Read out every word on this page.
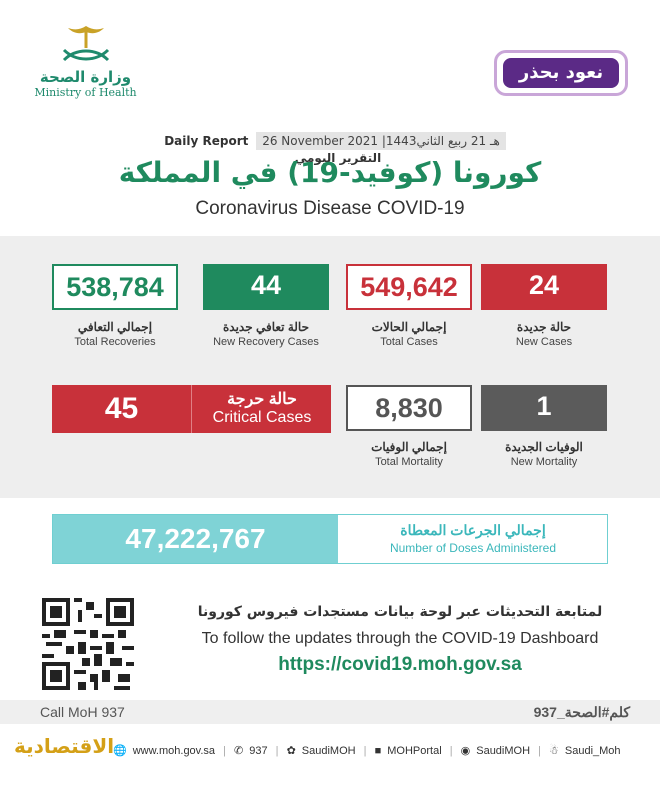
وزارة الصحة
Ministry of Health
نعود بحذر
Daily Report 26 November 2021 |1443هـ 21 ربيع الثاني التقرير اليومي
كورونا (كوفيد-19) في المملكة
Coronavirus Disease COVID-19
538,784
إجمالي التعافي
Total Recoveries
44
حالة تعافي جديدة
New Recovery Cases
549,642
إجمالي الحالات
Total Cases
24
حالة جديدة
New Cases
45	حالة حرجة
Critical Cases	8,830
إجمالي الوفيات
Total Mortality
1
الوفيات الجديدة
New Mortality
47,222,767	إجمالي الجرعات المعطاة
Number of Doses Administered
لمتابعة التحديثات عبر لوحة بيانات مستجدات فيروس كورونا
To follow the updates through the COVID-19 Dashboard
https://covid19.moh.gov.sa
Call MoH 937	كلم#الصحة_937
الاقتصادية
🌐 www.moh.gov.sa | ✆ 937 | ✿ SaudiMOH | ■ MOHPortal | ◉ SaudiMOH | ☃ Saudi_Moh
